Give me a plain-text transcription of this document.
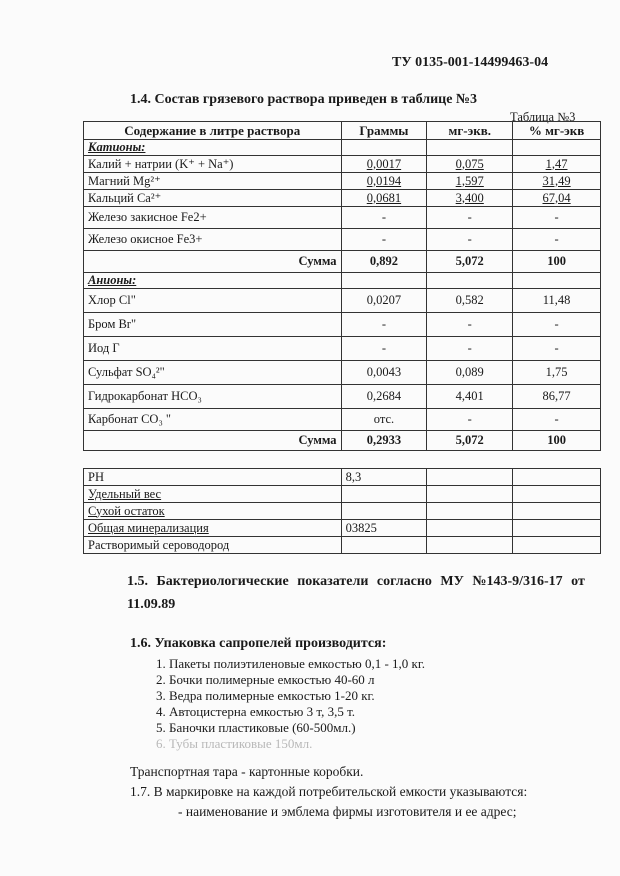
ТУ 0135-001-14499463-04
1.4. Состав грязевого раствора приведен в таблице №3
Таблица №3
Содержание в литре раствора	Граммы	мг-экв.	% мг-экв
Катионы:			
Калий + натрии (K⁺ + Na⁺)	0,0017	0,075	1,47
Магний Mg²⁺	0,0194	1,597	31,49
Кальций Ca²⁺	0,0681	3,400	67,04
Железо закисное Fe2+	-	-	-
Железо окисное Fe3+	-	-	-
Сумма	0,892	5,072	100
Анионы:			
Хлор Cl"	0,0207	0,582	11,48
Бром Br"	-	-	-
Иод Г	-	-	-
Сульфат SO₄²"	0,0043	0,089	1,75
Гидрокарбонат HCO₃	0,2684	4,401	86,77
Карбонат CO₃ "	отс.	-	-
Сумма	0,2933	5,072	100
PH	8,3		
Удельный вес			
Сухой остаток			
Общая минерализация	03825		
Растворимый сероводород			
1.5. Бактериологические показатели согласно МУ №143-9/316-17 от
11.09.89
1.6. Упаковка сапропелей производится:
1. Пакеты полиэтиленовые емкостью 0,1 - 1,0 кг.
2. Бочки полимерные емкостью 40-60 л
3. Ведра полимерные емкостью 1-20 кг.
4. Автоцистерна емкостью 3 т, 3,5 т.
5. Баночки пластиковые (60-500мл.)
6. Тубы пластиковые 150мл.
Транспортная тара - картонные коробки.
1.7. В маркировке на каждой потребительской емкости указываются:
- наименование и эмблема фирмы изготовителя и ее адрес;
